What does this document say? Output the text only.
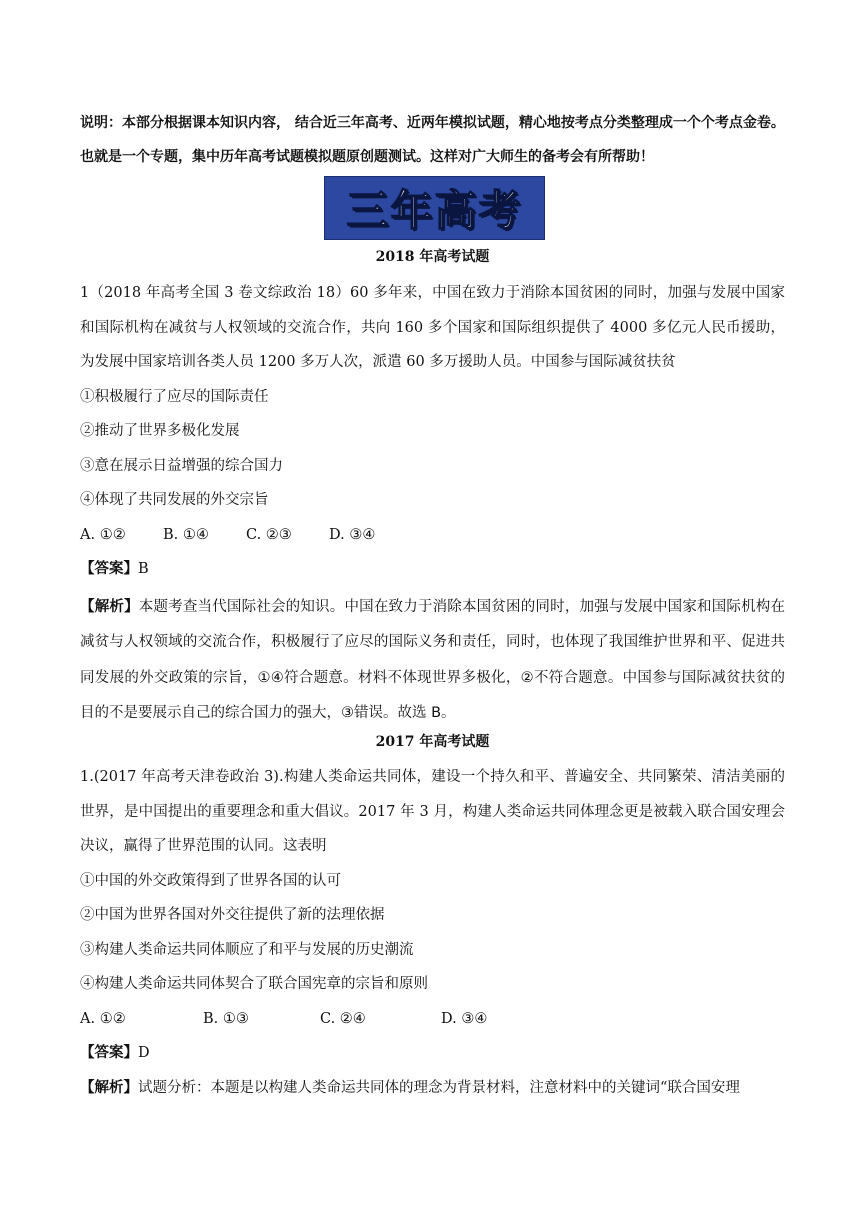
说明：本部分根据课本知识内容， 结合近三年高考、近两年模拟试题，精心地按考点分类整理成一个个考点金卷。也就是一个专题，集中历年高考试题模拟题原创题测试。这样对广大师生的备考会有所帮助！
三年高考
2018 年高考试题
1（2018 年高考全国 3 卷文综政治 18）60 多年来，中国在致力于消除本国贫困的同时，加强与发展中国家和国际机构在减贫与人权领域的交流合作，共向 160 多个国家和国际组织提供了 4000 多亿元人民币援助，为发展中国家培训各类人员 1200 多万人次，派遣 60 多万援助人员。中国参与国际减贫扶贫
①积极履行了应尽的国际责任
②推动了世界多极化发展
③意在展示日益增强的综合国力
④体现了共同发展的外交宗旨
A. ①②	B. ①④	C. ②③	D. ③④
【答案】B
【解析】本题考查当代国际社会的知识。中国在致力于消除本国贫困的同时，加强与发展中国家和国际机构在减贫与人权领域的交流合作，积极履行了应尽的国际义务和责任，同时，也体现了我国维护世界和平、促进共同发展的外交政策的宗旨，①④符合题意。材料不体现世界多极化，②不符合题意。中国参与国际减贫扶贫的目的不是要展示自己的综合国力的强大，③错误。故选 B。
2017 年高考试题
1.(2017 年高考天津卷政治 3).构建人类命运共同体，建设一个持久和平、普遍安全、共同繁荣、清洁美丽的世界，是中国提出的重要理念和重大倡议。2017 年 3 月，构建人类命运共同体理念更是被载入联合国安理会决议，赢得了世界范围的认同。这表明
①中国的外交政策得到了世界各国的认可
②中国为世界各国对外交往提供了新的法理依据
③构建人类命运共同体顺应了和平与发展的历史潮流
④构建人类命运共同体契合了联合国宪章的宗旨和原则
A. ①②	B. ①③	C. ②④	D. ③④
【答案】D
【解析】试题分析：本题是以构建人类命运共同体的理念为背景材料，注意材料中的关键词“联合国安理
